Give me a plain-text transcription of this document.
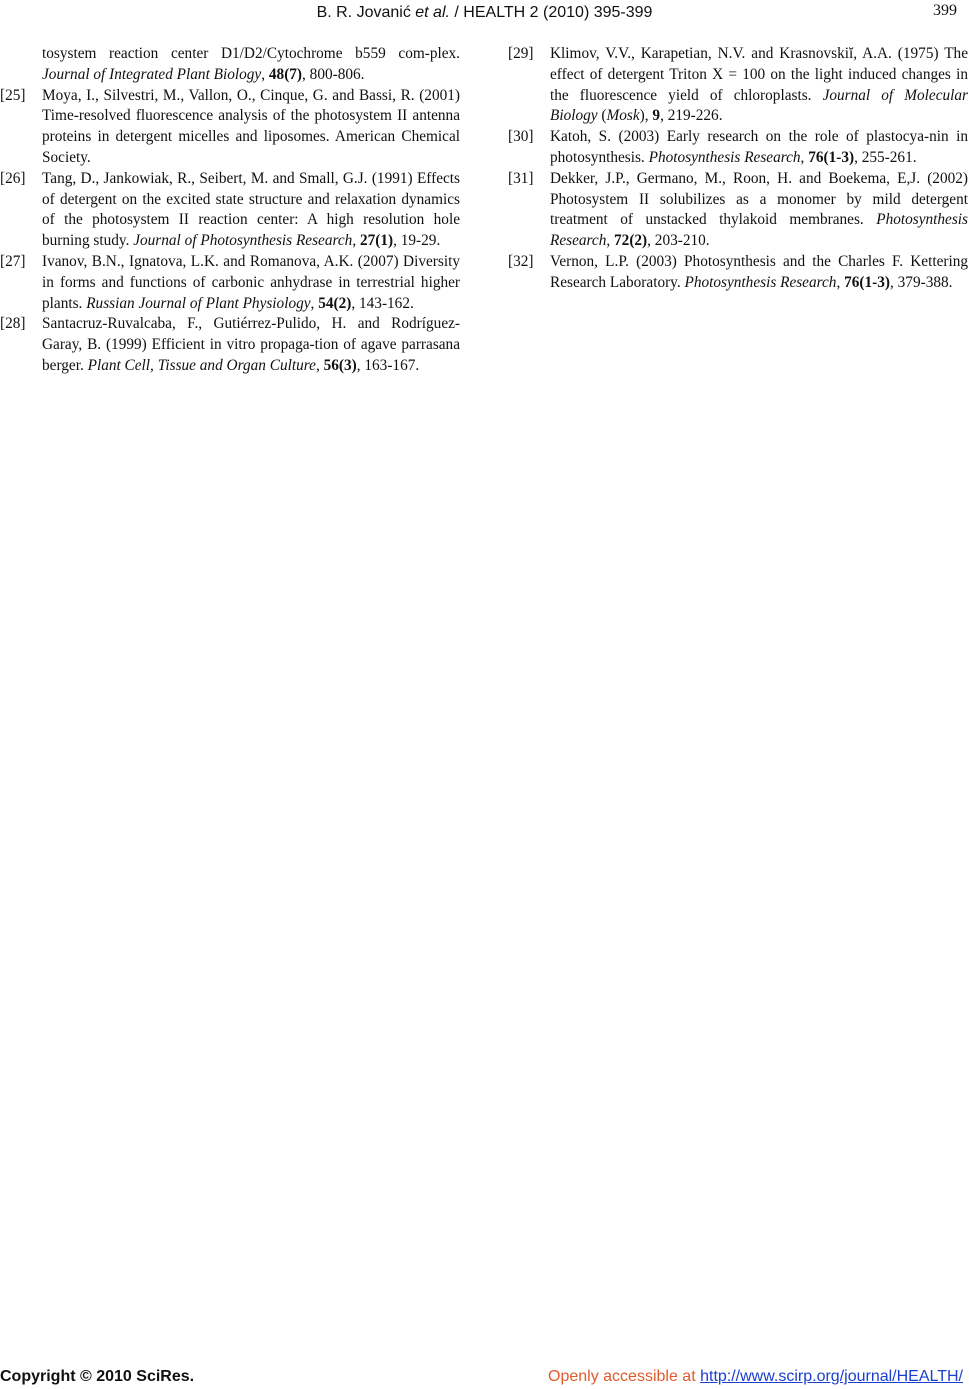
B. R. Jovanić et al. / HEALTH 2 (2010) 395-399	399
tosystem reaction center D1/D2/Cytochrome b559 com-plex. Journal of Integrated Plant Biology, 48(7), 800-806.
[25] Moya, I., Silvestri, M., Vallon, O., Cinque, G. and Bassi, R. (2001) Time-resolved fluorescence analysis of the photosystem II antenna proteins in detergent micelles and liposomes. American Chemical Society.
[26] Tang, D., Jankowiak, R., Seibert, M. and Small, G.J. (1991) Effects of detergent on the excited state structure and relaxation dynamics of the photosystem II reaction center: A high resolution hole burning study. Journal of Photosynthesis Research, 27(1), 19-29.
[27] Ivanov, B.N., Ignatova, L.K. and Romanova, A.K. (2007) Diversity in forms and functions of carbonic anhydrase in terrestrial higher plants. Russian Journal of Plant Physiology, 54(2), 143-162.
[28] Santacruz-Ruvalcaba, F., Gutiérrez-Pulido, H. and Rodríguez-Garay, B. (1999) Efficient in vitro propaga-tion of agave parrasana berger. Plant Cell, Tissue and Organ Culture, 56(3), 163-167.
[29] Klimov, V.V., Karapetian, N.V. and Krasnovskiĭ, A.A. (1975) The effect of detergent Triton X = 100 on the light induced changes in the fluorescence yield of chloroplasts. Journal of Molecular Biology (Mosk), 9, 219-226.
[30] Katoh, S. (2003) Early research on the role of plastocya-nin in photosynthesis. Photosynthesis Research, 76(1-3), 255-261.
[31] Dekker, J.P., Germano, M., Roon, H. and Boekema, E,J. (2002) Photosystem II solubilizes as a monomer by mild detergent treatment of unstacked thylakoid membranes. Photosynthesis Research, 72(2), 203-210.
[32] Vernon, L.P. (2003) Photosynthesis and the Charles F. Kettering Research Laboratory. Photosynthesis Research, 76(1-3), 379-388.
Copyright © 2010 SciRes.	Openly accessible at http://www.scirp.org/journal/HEALTH/
